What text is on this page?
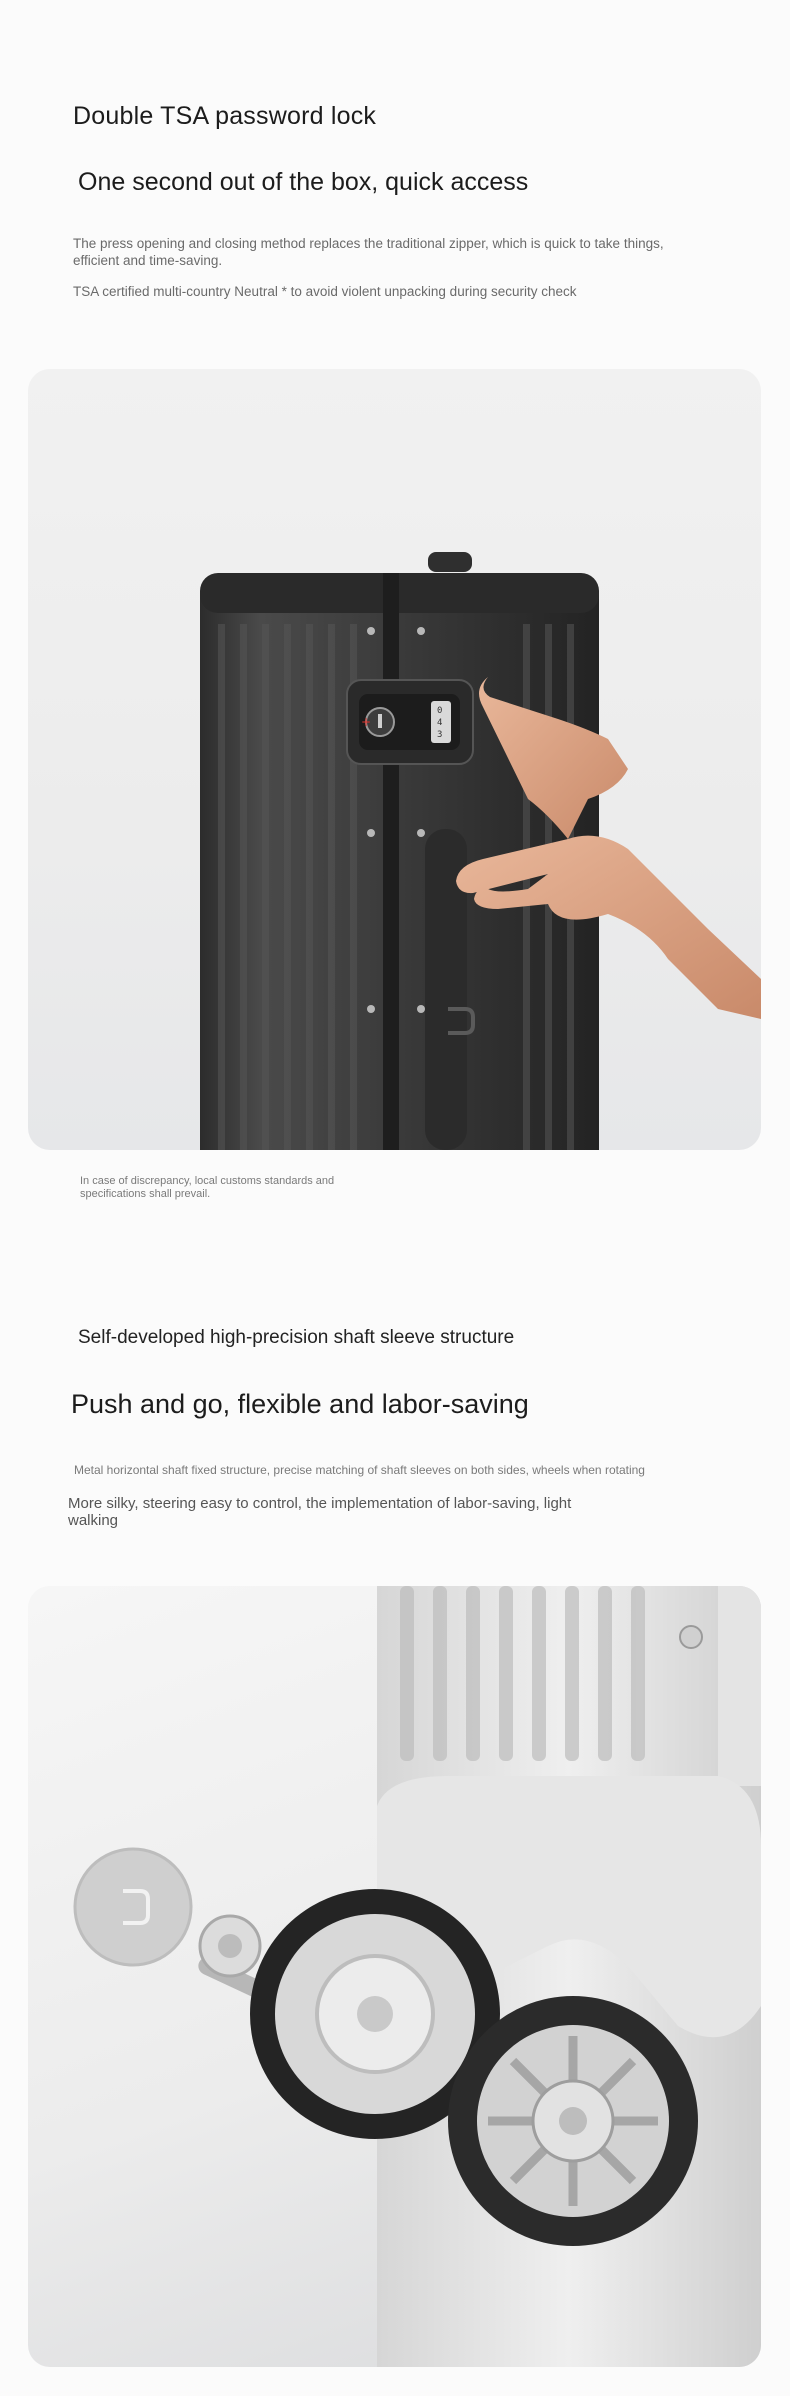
Double TSA password lock
One second out of the box, quick access
The press opening and closing method replaces the traditional zipper, which is quick to take things, efficient and time-saving.
TSA certified multi-country Neutral * to avoid violent unpacking during security check
+
0
4
3
In case of discrepancy, local customs standards and specifications shall prevail.
Self-developed high-precision shaft sleeve structure
Push and go, flexible and labor-saving
Metal horizontal shaft fixed structure, precise matching of shaft sleeves on both sides, wheels when rotating
More silky, steering easy to control, the implementation of labor-saving, light walking
